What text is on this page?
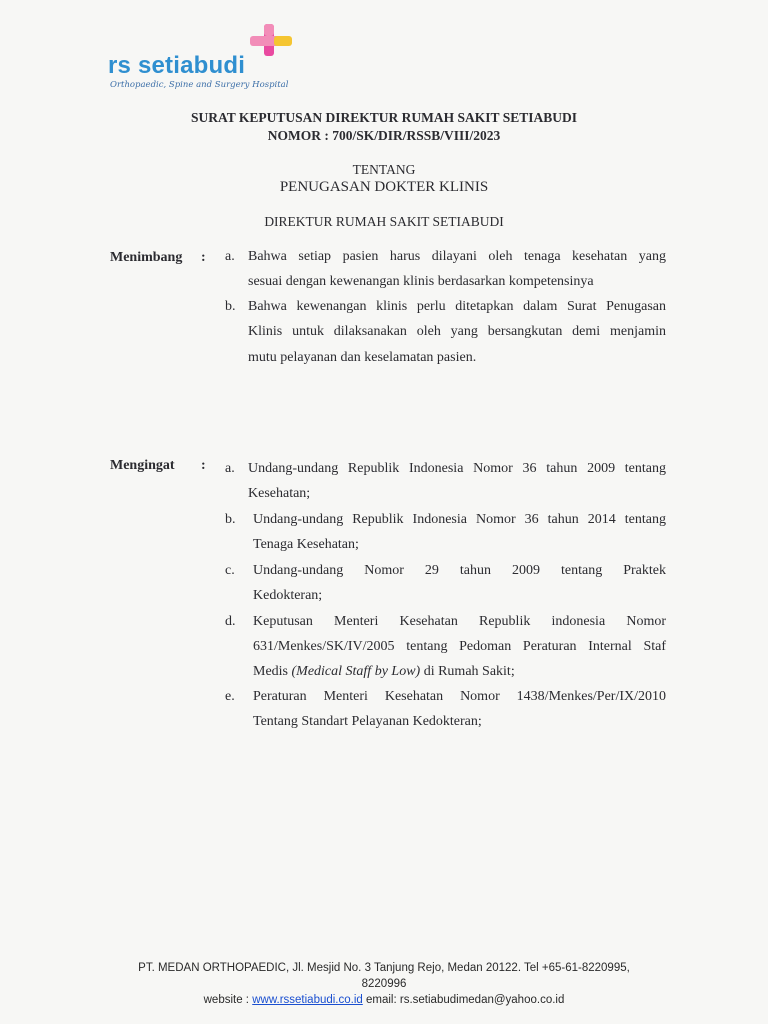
rs setiabudi
Orthopaedic, Spine and Surgery Hospital
SURAT KEPUTUSAN DIREKTUR RUMAH SAKIT SETIABUDI
NOMOR : 700/SK/DIR/RSSB/VIII/2023
TENTANG
PENUGASAN DOKTER KLINIS
DIREKTUR RUMAH SAKIT SETIABUDI
Menimbang : a. Bahwa setiap pasien harus dilayani oleh tenaga kesehatan yang
sesuai dengan kewenangan klinis berdasarkan kompetensinya
b. Bahwa kewenangan klinis perlu ditetapkan dalam Surat Penugasan
Klinis untuk dilaksanakan oleh yang bersangkutan demi menjamin
mutu pelayanan dan keselamatan pasien.
Mengingat : a. Undang-undang Republik Indonesia Nomor 36 tahun 2009 tentang
Kesehatan;
b. Undang-undang Republik Indonesia Nomor 36 tahun 2014 tentang
Tenaga Kesehatan;
c. Undang-undang Nomor 29 tahun 2009 tentang Praktek
Kedokteran;
d. Keputusan Menteri Kesehatan Republik indonesia Nomor
631/Menkes/SK/IV/2005 tentang Pedoman Peraturan Internal Staf
Medis (Medical Staff by Low) di Rumah Sakit;
e. Peraturan Menteri Kesehatan Nomor 1438/Menkes/Per/IX/2010
Tentang Standart Pelayanan Kedokteran;
PT. MEDAN ORTHOPAEDIC, Jl. Mesjid No. 3 Tanjung Rejo, Medan 20122. Tel +65-61-8220995,
8220996
website : www.rssetiabudi.co.id email: rs.setiabudimedan@yahoo.co.id
